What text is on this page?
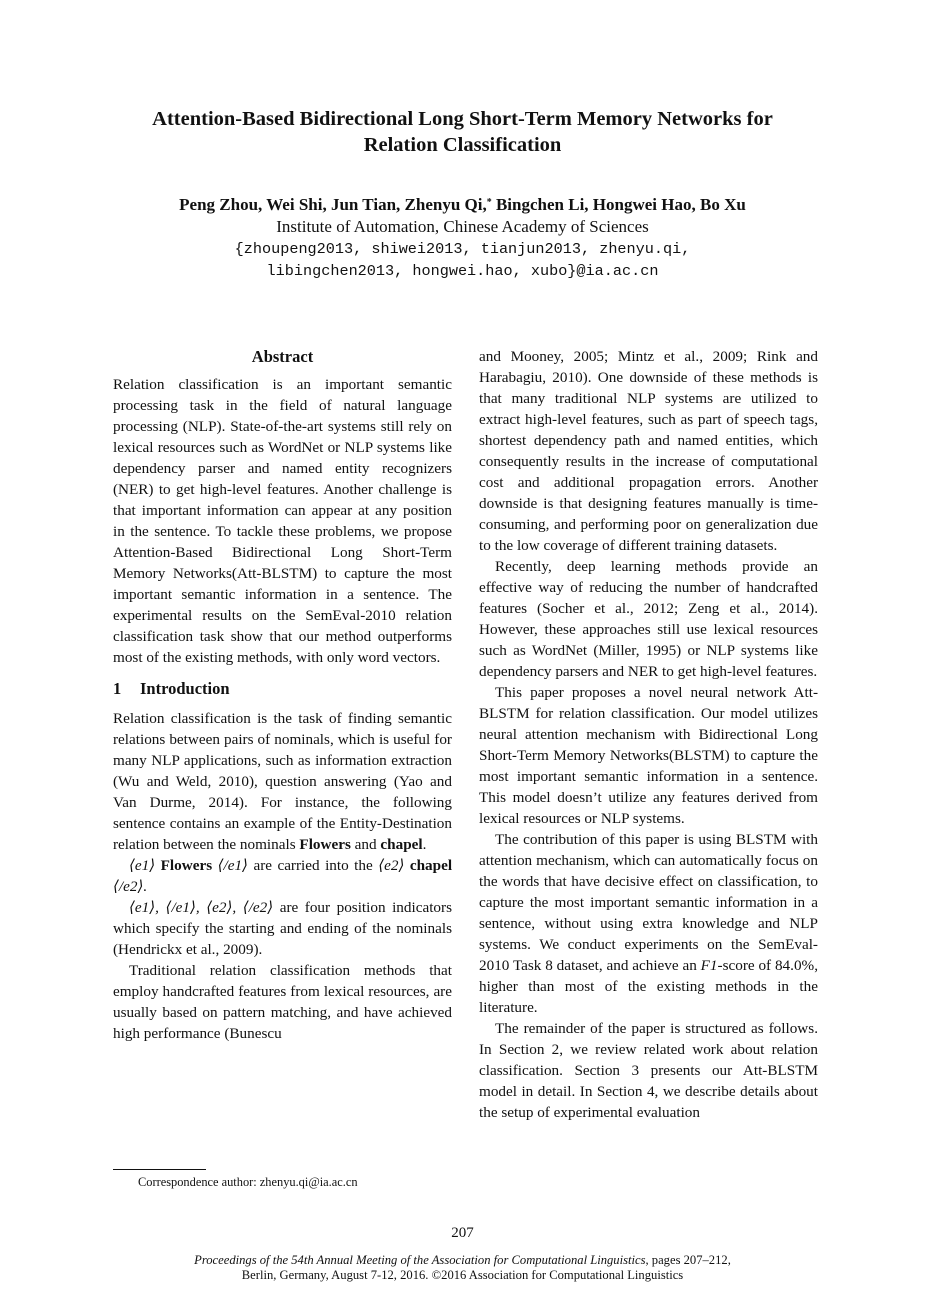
Attention-Based Bidirectional Long Short-Term Memory Networks for
Relation Classification
Peng Zhou, Wei Shi, Jun Tian, Zhenyu Qi,* Bingchen Li, Hongwei Hao, Bo Xu
Institute of Automation, Chinese Academy of Sciences
{zhoupeng2013, shiwei2013, tianjun2013, zhenyu.qi,
libingchen2013, hongwei.hao, xubo}@ia.ac.cn
Abstract

Relation classification is an important semantic processing task in the field of natural language processing (NLP). State-of-the-art systems still rely on lexical resources such as WordNet or NLP systems like dependency parser and named entity recognizers (NER) to get high-level features. Another challenge is that important information can appear at any position in the sentence. To tackle these problems, we propose Attention-Based Bidirectional Long Short-Term Memory Networks(Att-BLSTM) to capture the most important semantic information in a sentence. The experimental results on the SemEval-2010 relation classification task show that our method outperforms most of the existing methods, with only word vectors.

1 Introduction

Relation classification is the task of finding semantic relations between pairs of nominals, which is useful for many NLP applications, such as information extraction (Wu and Weld, 2010), question answering (Yao and Van Durme, 2014). For instance, the following sentence contains an example of the Entity-Destination relation between the nominals Flowers and chapel.

⟨e1⟩ Flowers ⟨/e1⟩ are carried into the ⟨e2⟩ chapel ⟨/e2⟩.

⟨e1⟩, ⟨/e1⟩, ⟨e2⟩, ⟨/e2⟩ are four position indicators which specify the starting and ending of the nominals (Hendrickx et al., 2009).

Traditional relation classification methods that employ handcrafted features from lexical resources, are usually based on pattern matching, and have achieved high performance (Bunescu

and Mooney, 2005; Mintz et al., 2009; Rink and Harabagiu, 2010). One downside of these methods is that many traditional NLP systems are utilized to extract high-level features, such as part of speech tags, shortest dependency path and named entities, which consequently results in the increase of computational cost and additional propagation errors. Another downside is that designing features manually is time-consuming, and performing poor on generalization due to the low coverage of different training datasets.

Recently, deep learning methods provide an effective way of reducing the number of handcrafted features (Socher et al., 2012; Zeng et al., 2014). However, these approaches still use lexical resources such as WordNet (Miller, 1995) or NLP systems like dependency parsers and NER to get high-level features.

This paper proposes a novel neural network Att-BLSTM for relation classification. Our model utilizes neural attention mechanism with Bidirectional Long Short-Term Memory Networks(BLSTM) to capture the most important semantic information in a sentence. This model doesn’t utilize any features derived from lexical resources or NLP systems.

The contribution of this paper is using BLSTM with attention mechanism, which can automatically focus on the words that have decisive effect on classification, to capture the most important semantic information in a sentence, without using extra knowledge and NLP systems. We conduct experiments on the SemEval-2010 Task 8 dataset, and achieve an F1-score of 84.0%, higher than most of the existing methods in the literature.

The remainder of the paper is structured as follows. In Section 2, we review related work about relation classification. Section 3 presents our Att-BLSTM model in detail. In Section 4, we describe details about the setup of experimental evaluation

Correspondence author: zhenyu.qi@ia.ac.cn
207
Proceedings of the 54th Annual Meeting of the Association for Computational Linguistics, pages 207–212,
Berlin, Germany, August 7-12, 2016. ©2016 Association for Computational Linguistics
